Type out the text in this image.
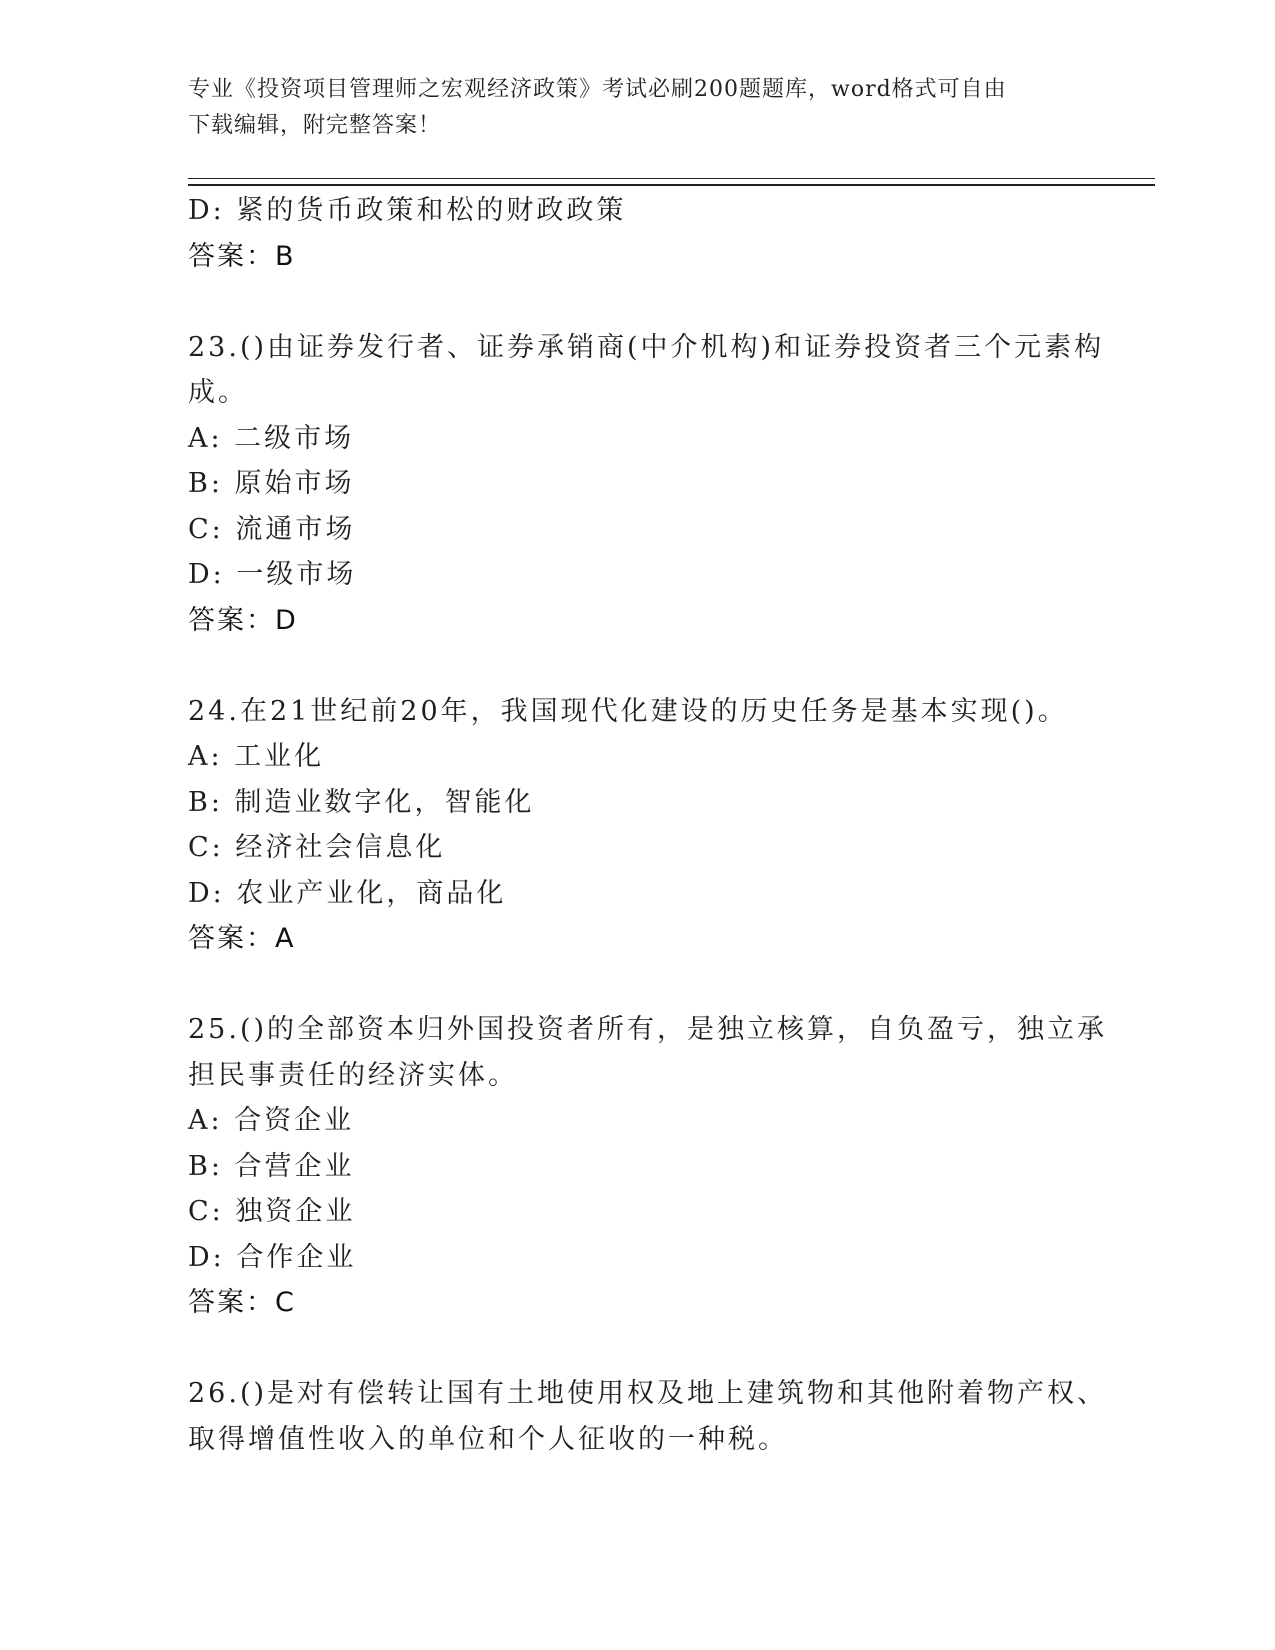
专业《投资项目管理师之宏观经济政策》考试必刷200题题库，word格式可自由
下载编辑，附完整答案！
D: 紧的货币政策和松的财政政策
答案：B
23.()由证券发行者、证券承销商(中介机构)和证券投资者三个元素构
成。
A: 二级市场
B: 原始市场
C: 流通市场
D: 一级市场
答案：D
24.在21世纪前20年，我国现代化建设的历史任务是基本实现()。
A: 工业化
B: 制造业数字化，智能化
C: 经济社会信息化
D: 农业产业化，商品化
答案：A
25.()的全部资本归外国投资者所有，是独立核算，自负盈亏，独立承
担民事责任的经济实体。
A: 合资企业
B: 合营企业
C: 独资企业
D: 合作企业
答案：C
26.()是对有偿转让国有土地使用权及地上建筑物和其他附着物产权、
取得增值性收入的单位和个人征收的一种税。
